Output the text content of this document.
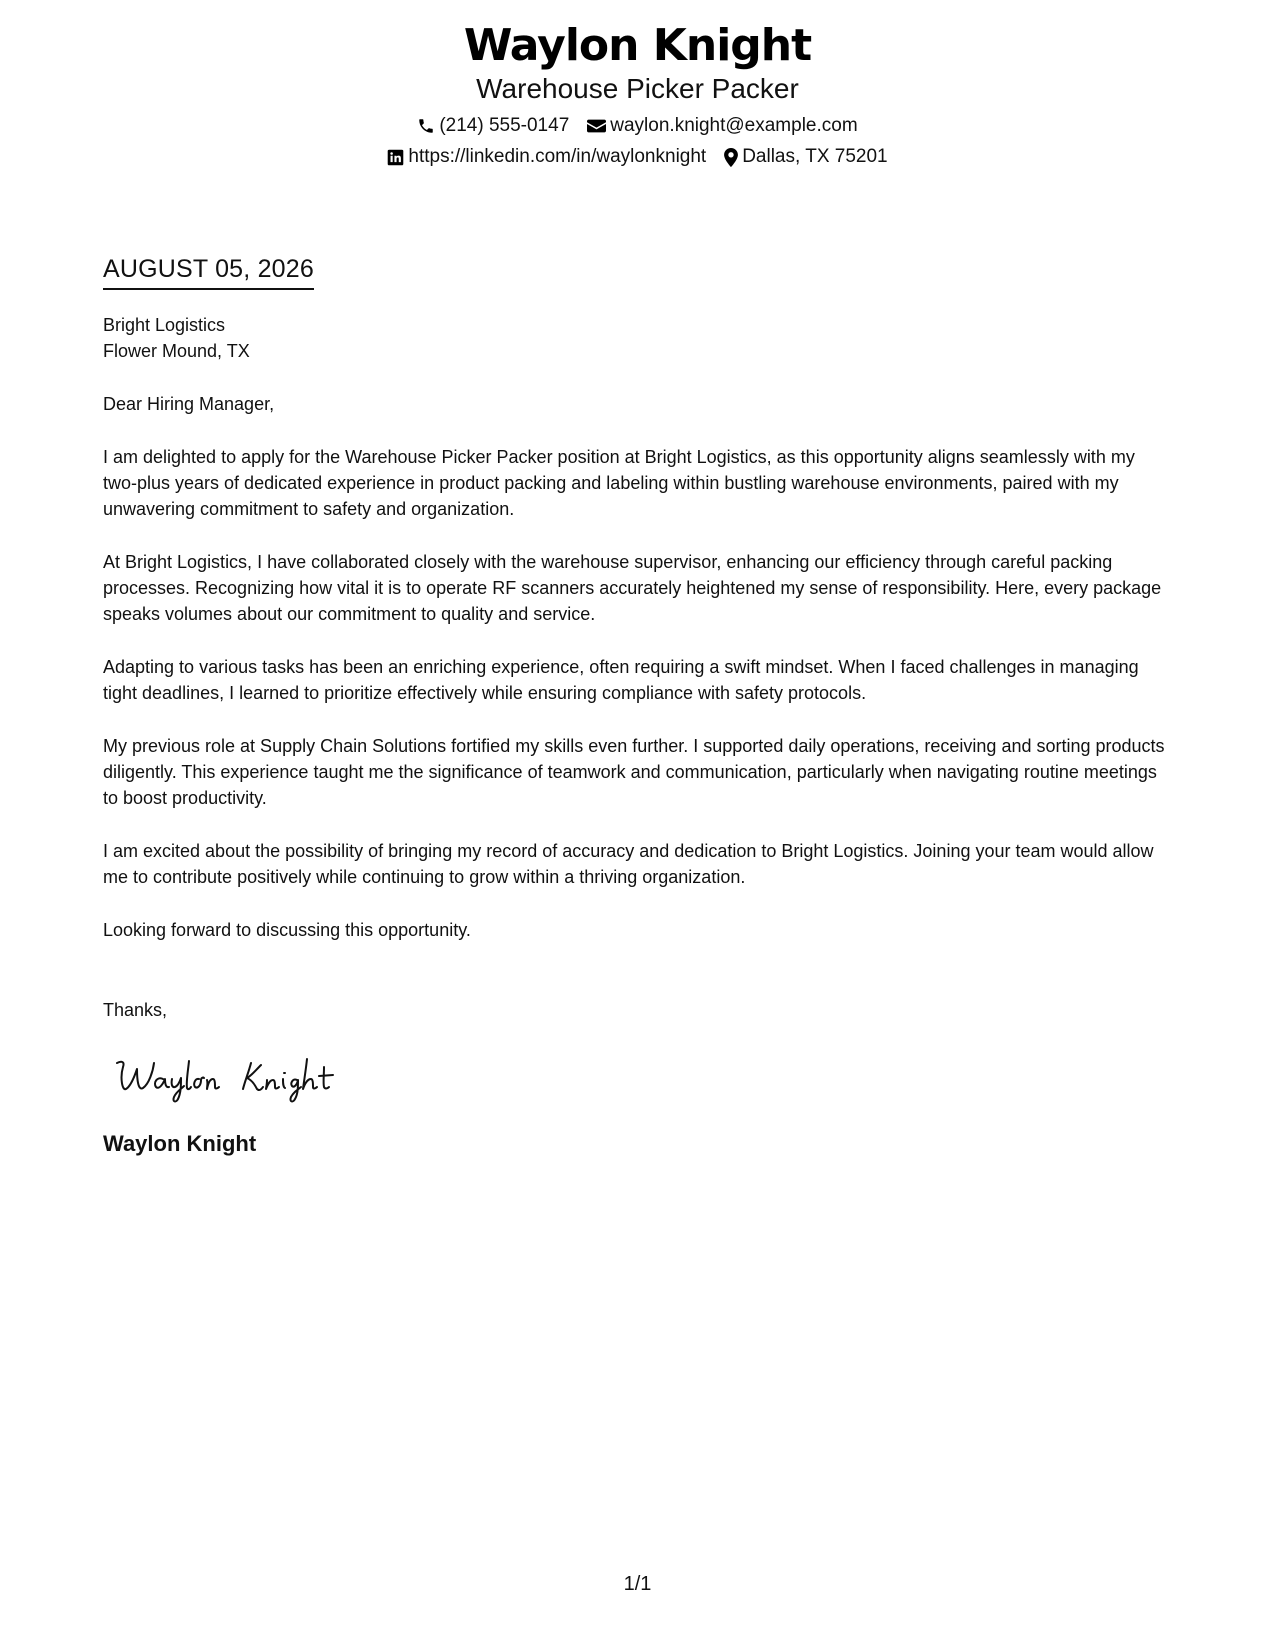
Waylon Knight
Warehouse Picker Packer
(214) 555-0147 waylon.knight@example.com
https://linkedin.com/in/waylonknight Dallas, TX 75201
AUGUST 05, 2026
Bright Logistics
Flower Mound, TX
Dear Hiring Manager,

I am delighted to apply for the Warehouse Picker Packer position at Bright Logistics, as this opportunity aligns seamlessly with my two-plus years of dedicated experience in product packing and labeling within bustling warehouse environments, paired with my unwavering commitment to safety and organization.

At Bright Logistics, I have collaborated closely with the warehouse supervisor, enhancing our efficiency through careful packing processes. Recognizing how vital it is to operate RF scanners accurately heightened my sense of responsibility. Here, every package speaks volumes about our commitment to quality and service.

Adapting to various tasks has been an enriching experience, often requiring a swift mindset. When I faced challenges in managing tight deadlines, I learned to prioritize effectively while ensuring compliance with safety protocols.

My previous role at Supply Chain Solutions fortified my skills even further. I supported daily operations, receiving and sorting products diligently. This experience taught me the significance of teamwork and communication, particularly when navigating routine meetings to boost productivity.

I am excited about the possibility of bringing my record of accuracy and dedication to Bright Logistics. Joining your team would allow me to contribute positively while continuing to grow within a thriving organization.

Looking forward to discussing this opportunity.

Thanks,
Waylon Knight
1/1
